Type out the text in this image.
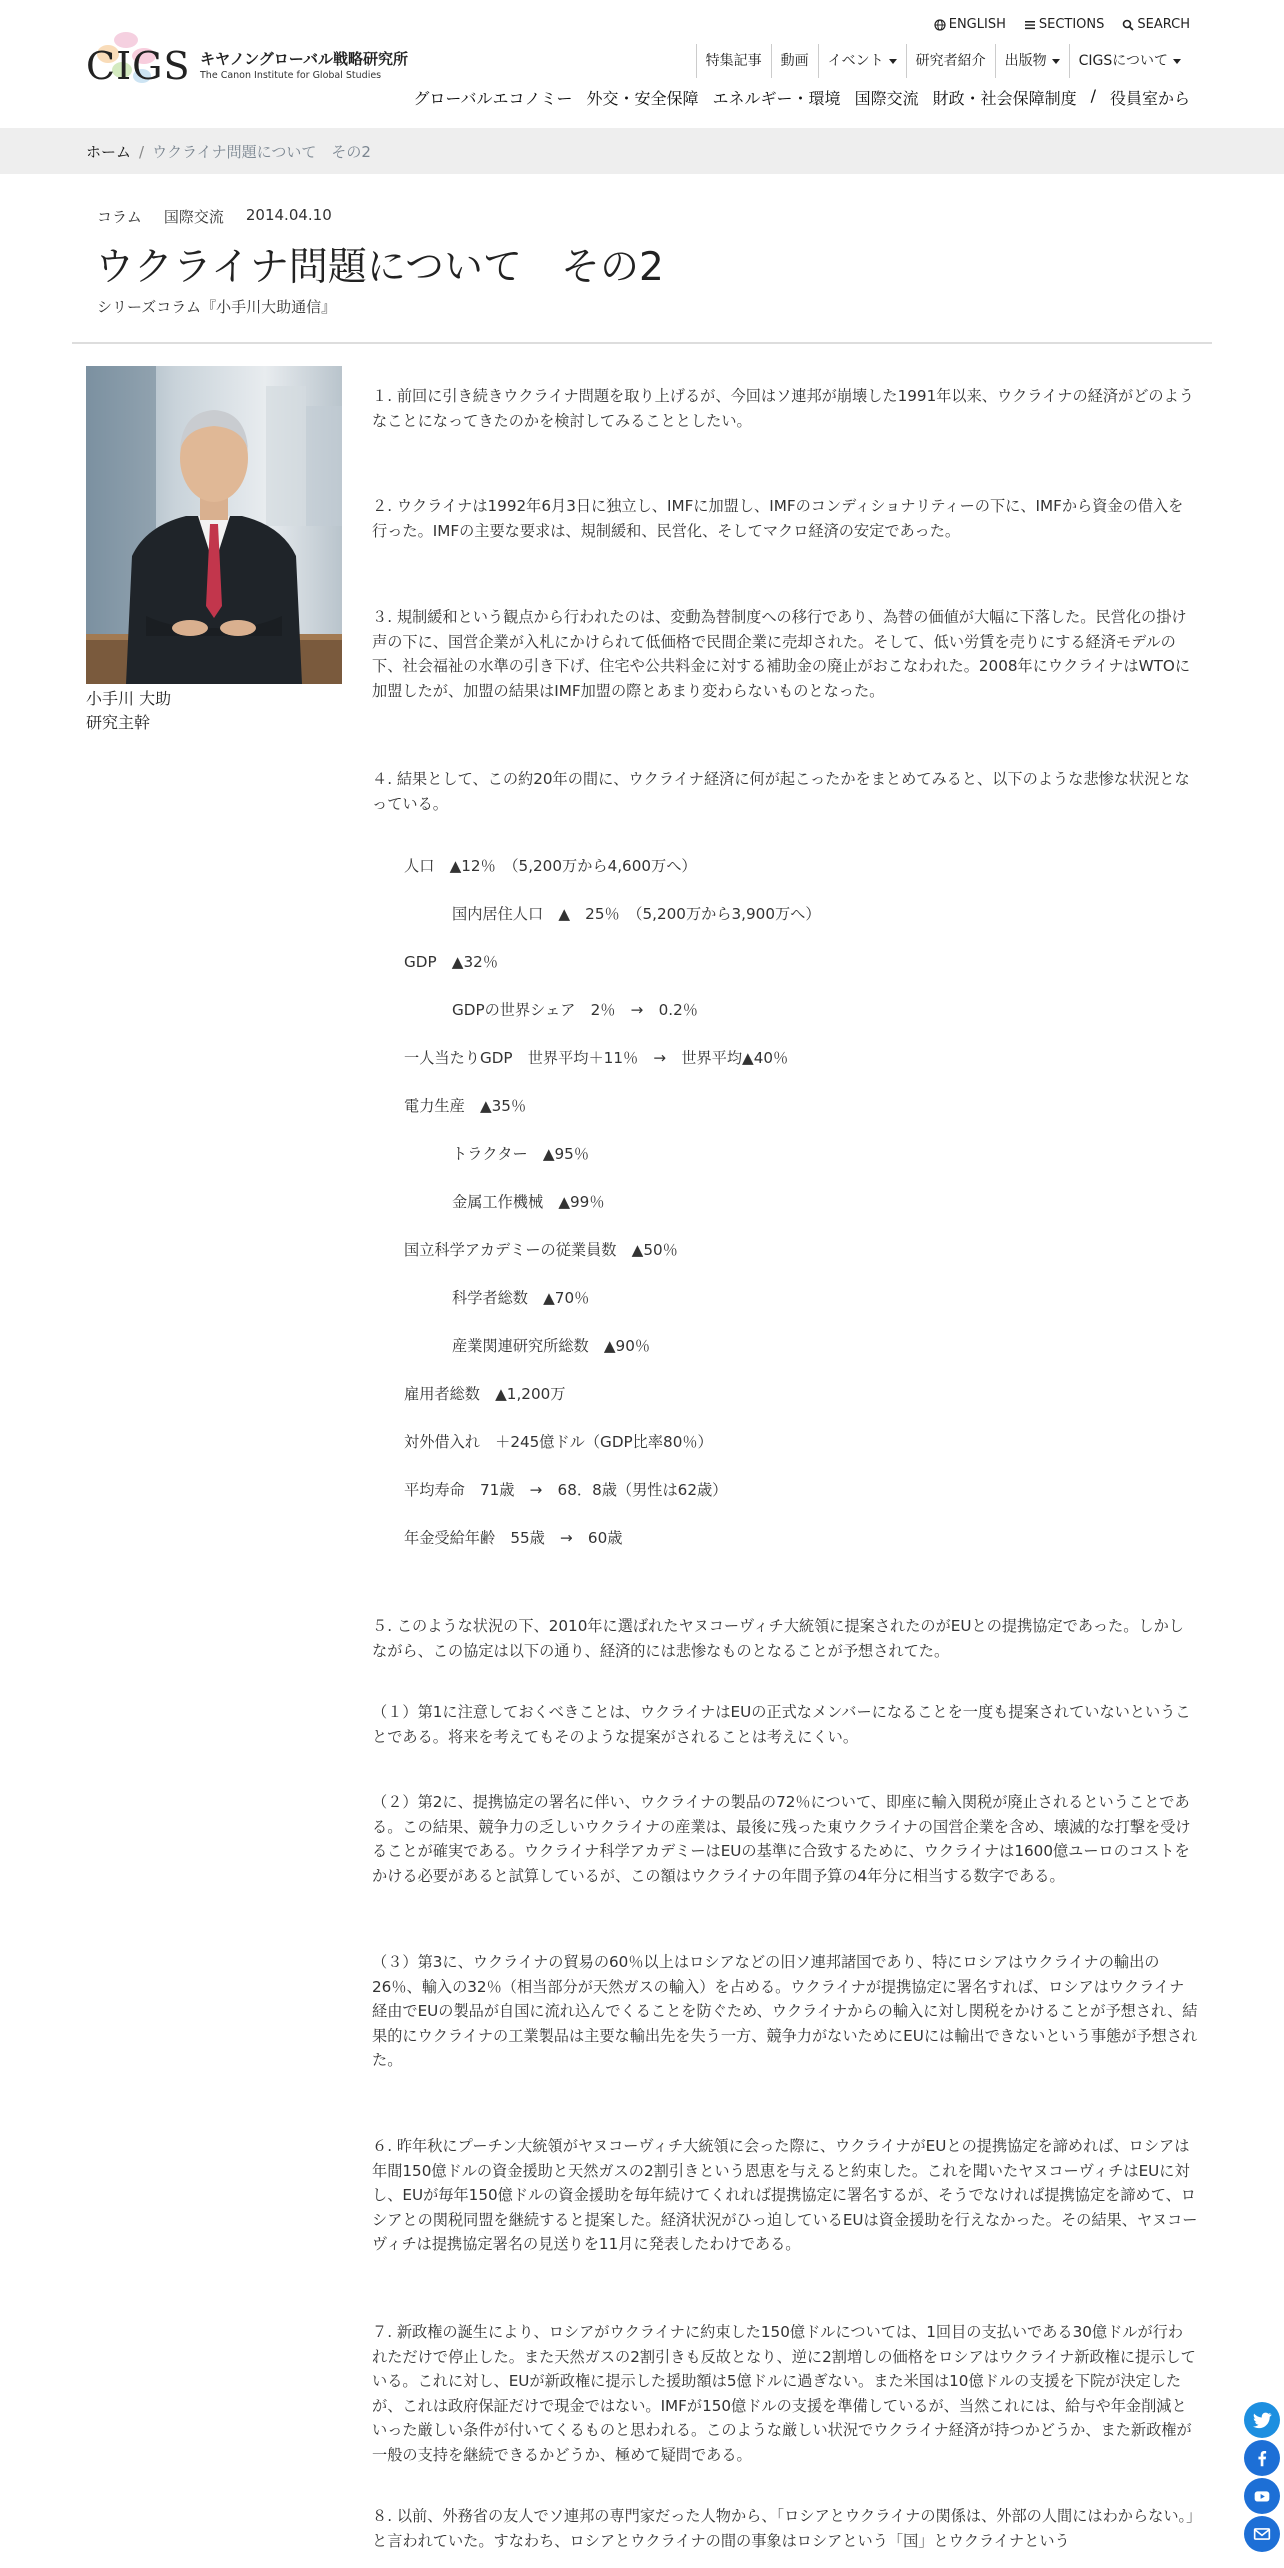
CIGS キヤノングローバル戦略研究所
The Canon Institute for Global Studies
ENGLISH	SECTIONS	SEARCH
特集記事 動画 イベント 研究者紹介 出版物 CIGSについて
グローバルエコノミー 外交・安全保障 エネルギー・環境 国際交流 財政・社会保障制度 / 役員室から
ホーム / ウクライナ問題について　その2
コラム 国際交流 2014.04.10
ウクライナ問題について　その2
シリーズコラム『小手川大助通信』
小手川 大助
研究主幹

１. 前回に引き続きウクライナ問題を取り上げるが、今回はソ連邦が崩壊した1991年以来、ウクライナの経済がどのようなことになってきたのかを検討してみることとしたい。

２. ウクライナは1992年6月3日に独立し、IMFに加盟し、IMFのコンディショナリティーの下に、IMFから資金の借入を行った。IMFの主要な要求は、規制緩和、民営化、そしてマクロ経済の安定であった。

３. 規制緩和という観点から行われたのは、変動為替制度への移行であり、為替の価値が大幅に下落した。民営化の掛け声の下に、国営企業が入札にかけられて低価格で民間企業に売却された。そして、低い労賃を売りにする経済モデルの下、社会福祉の水準の引き下げ、住宅や公共料金に対する補助金の廃止がおこなわれた。2008年にウクライナはWTOに加盟したが、加盟の結果はIMF加盟の際とあまり変わらないものとなった。

４. 結果として、この約20年の間に、ウクライナ経済に何が起こったかをまとめてみると、以下のような悲惨な状況となっている。

人口　▲12％　（5,200万から4,600万へ）
国内居住人口　▲　25％　（5,200万から3,900万へ）
GDP　▲32％
GDPの世界シェア　2％　→　0.2％
一人当たりGDP　世界平均＋11％　→　世界平均▲40％
電力生産　▲35％
トラクター　▲95％
金属工作機械　▲99％
国立科学アカデミーの従業員数　▲50％
科学者総数　▲70％
産業関連研究所総数　▲90％
雇用者総数　▲1,200万
対外借入れ　＋245億ドル（GDP比率80％）
平均寿命　71歳　→　68．8歳（男性は62歳）
年金受給年齢　55歳　→　60歳

５. このような状況の下、2010年に選ばれたヤヌコーヴィチ大統領に提案されたのがEUとの提携協定であった。しかしながら、この協定は以下の通り、経済的には悲惨なものとなることが予想されてた。

（１）第1に注意しておくべきことは、ウクライナはEUの正式なメンバーになることを一度も提案されていないということである。将来を考えてもそのような提案がされることは考えにくい。

（２）第2に、提携協定の署名に伴い、ウクライナの製品の72％について、即座に輸入関税が廃止されるということである。この結果、競争力の乏しいウクライナの産業は、最後に残った東ウクライナの国営企業を含め、壊滅的な打撃を受けることが確実である。ウクライナ科学アカデミーはEUの基準に合致するために、ウクライナは1600億ユーロのコストをかける必要があると試算しているが、この額はウクライナの年間予算の4年分に相当する数字である。

（３）第3に、ウクライナの貿易の60％以上はロシアなどの旧ソ連邦諸国であり、特にロシアはウクライナの輸出の26％、輸入の32％（相当部分が天然ガスの輸入）を占める。ウクライナが提携協定に署名すれば、ロシアはウクライナ経由でEUの製品が自国に流れ込んでくることを防ぐため、ウクライナからの輸入に対し関税をかけることが予想され、結果的にウクライナの工業製品は主要な輸出先を失う一方、競争力がないためにEUには輸出できないという事態が予想された。

６. 昨年秋にプーチン大統領がヤヌコーヴィチ大統領に会った際に、ウクライナがEUとの提携協定を諦めれば、ロシアは年間150億ドルの資金援助と天然ガスの2割引きという恩恵を与えると約束した。これを聞いたヤヌコーヴィチはEUに対し、EUが毎年150億ドルの資金援助を毎年続けてくれれば提携協定に署名するが、そうでなければ提携協定を諦めて、ロシアとの関税同盟を継続すると提案した。経済状況がひっ迫しているEUは資金援助を行えなかった。その結果、ヤヌコーヴィチは提携協定署名の見送りを11月に発表したわけである。

７. 新政権の誕生により、ロシアがウクライナに約束した150億ドルについては、1回目の支払いである30億ドルが行われただけで停止した。また天然ガスの2割引きも反故となり、逆に2割増しの価格をロシアはウクライナ新政権に提示している。これに対し、EUが新政権に提示した援助額は5億ドルに過ぎない。また米国は10億ドルの支援を下院が決定したが、これは政府保証だけで現金ではない。IMFが150億ドルの支援を準備しているが、当然これには、給与や年金削減といった厳しい条件が付いてくるものと思われる。このような厳しい状況でウクライナ経済が持つかどうか、また新政権が一般の支持を継続できるかどうか、極めて疑問である。

８. 以前、外務省の友人でソ連邦の専門家だった人物から、「ロシアとウクライナの関係は、外部の人間にはわからない。」と言われていた。すなわち、ロシアとウクライナの間の事象はロシアという「国」とウクライナという
